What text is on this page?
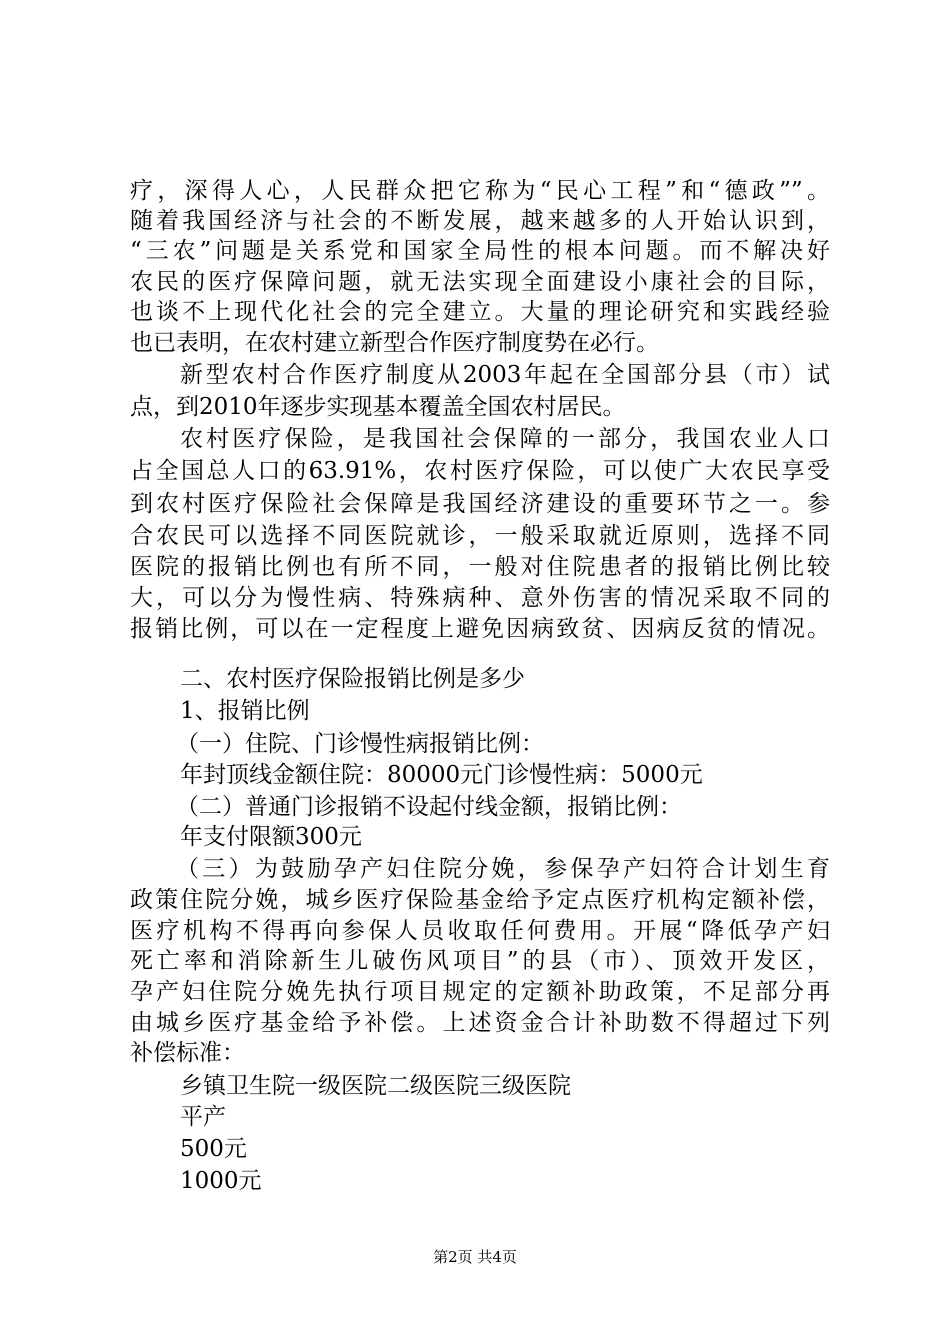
疗，深得人心，人民群众把它称为“民心工程”和“德政””。
随着我国经济与社会的不断发展，越来越多的人开始认识到，
“三农”问题是关系党和国家全局性的根本问题。而不解决好
农民的医疗保障问题，就无法实现全面建设小康社会的目际，
也谈不上现代化社会的完全建立。大量的理论研究和实践经验
也已表明，在农村建立新型合作医疗制度势在必行。
新型农村合作医疗制度从2003年起在全国部分县（市）试
点，到2010年逐步实现基本覆盖全国农村居民。
农村医疗保险，是我国社会保障的一部分，我国农业人口
占全国总人口的63.91%，农村医疗保险，可以使广大农民享受
到农村医疗保险社会保障是我国经济建设的重要环节之一。参
合农民可以选择不同医院就诊，一般采取就近原则，选择不同
医院的报销比例也有所不同，一般对住院患者的报销比例比较
大，可以分为慢性病、特殊病种、意外伤害的情况采取不同的
报销比例，可以在一定程度上避免因病致贫、因病反贫的情况。
二、农村医疗保险报销比例是多少
1、报销比例
（一）住院、门诊慢性病报销比例：
年封顶线金额住院：80000元门诊慢性病：5000元
（二）普通门诊报销不设起付线金额，报销比例：
年支付限额300元
（三）为鼓励孕产妇住院分娩，参保孕产妇符合计划生育
政策住院分娩，城乡医疗保险基金给予定点医疗机构定额补偿，
医疗机构不得再向参保人员收取任何费用。开展“降低孕产妇
死亡率和消除新生儿破伤风项目”的县（市）、顶效开发区，
孕产妇住院分娩先执行项目规定的定额补助政策，不足部分再
由城乡医疗基金给予补偿。上述资金合计补助数不得超过下列
补偿标准：
乡镇卫生院一级医院二级医院三级医院
平产
500元
1000元
第2页 共4页
